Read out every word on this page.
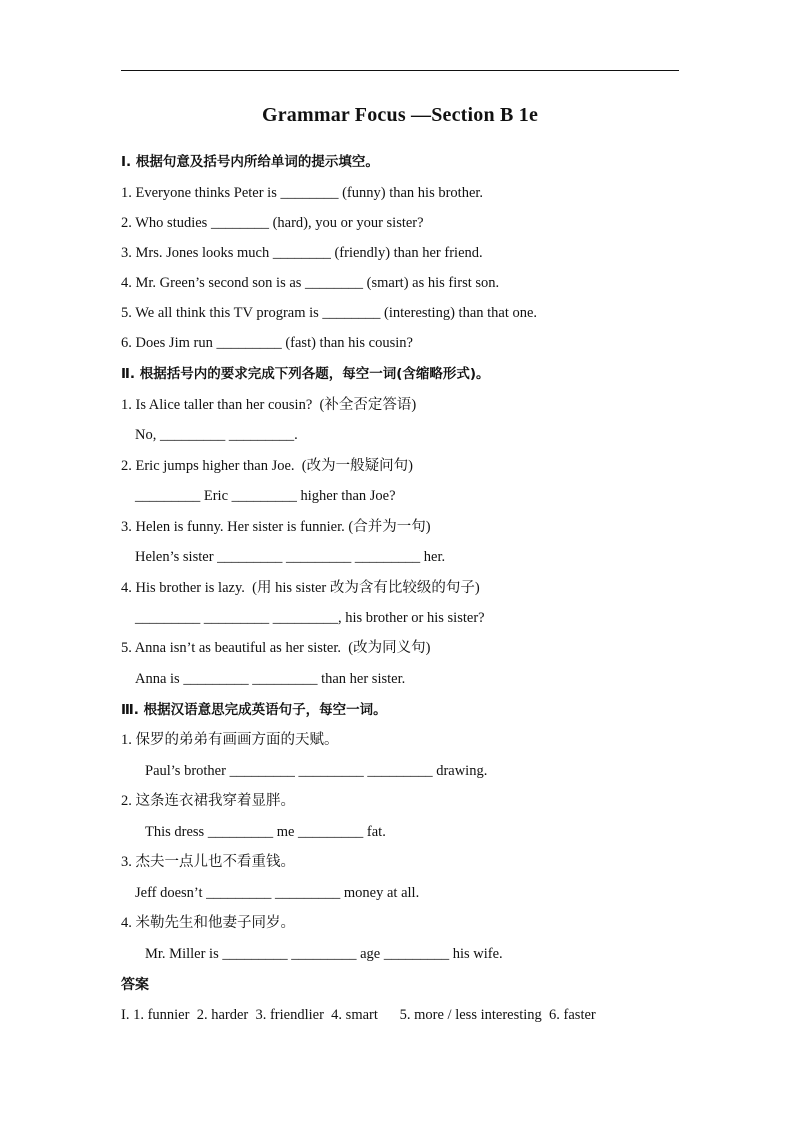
Grammar Focus —Section B 1e
Ⅰ. 根据句意及括号内所给单词的提示填空。
1. Everyone thinks Peter is ________ (funny) than his brother.
2. Who studies ________ (hard), you or your sister?
3. Mrs. Jones looks much ________ (friendly) than her friend.
4. Mr. Green’s second son is as ________ (smart) as his first son.
5. We all think this TV program is ________ (interesting) than that one.
6. Does Jim run _________ (fast) than his cousin?
Ⅱ. 根据括号内的要求完成下列各题，每空一词(含缩略形式)。
1. Is Alice taller than her cousin?  (补全否定答语)
No, _________ _________.
2. Eric jumps higher than Joe.  (改为一般疑问句)
_________ Eric _________ higher than Joe?
3. Helen is funny. Her sister is funnier. (合并为一句)
Helen’s sister _________ _________ _________ her.
4. His brother is lazy.  (用 his sister 改为含有比较级的句子)
_________ _________ _________, his brother or his sister?
5. Anna isn’t as beautiful as her sister.  (改为同义句)
Anna is _________ _________ than her sister.
Ⅲ. 根据汉语意思完成英语句子，每空一词。
1. 保罗的弟弟有画画方面的天赋。
Paul’s brother _________ _________ _________ drawing.
2. 这条连衣裙我穿着显胖。
This dress _________ me _________ fat.
3. 杰夫一点儿也不看重钱。
Jeff doesn’t _________ _________ money at all.
4. 米勒先生和他妻子同岁。
Mr. Miller is _________ _________ age _________ his wife.
答案
I. 1. funnier  2. harder  3. friendlier  4. smart      5. more / less interesting  6. faster
